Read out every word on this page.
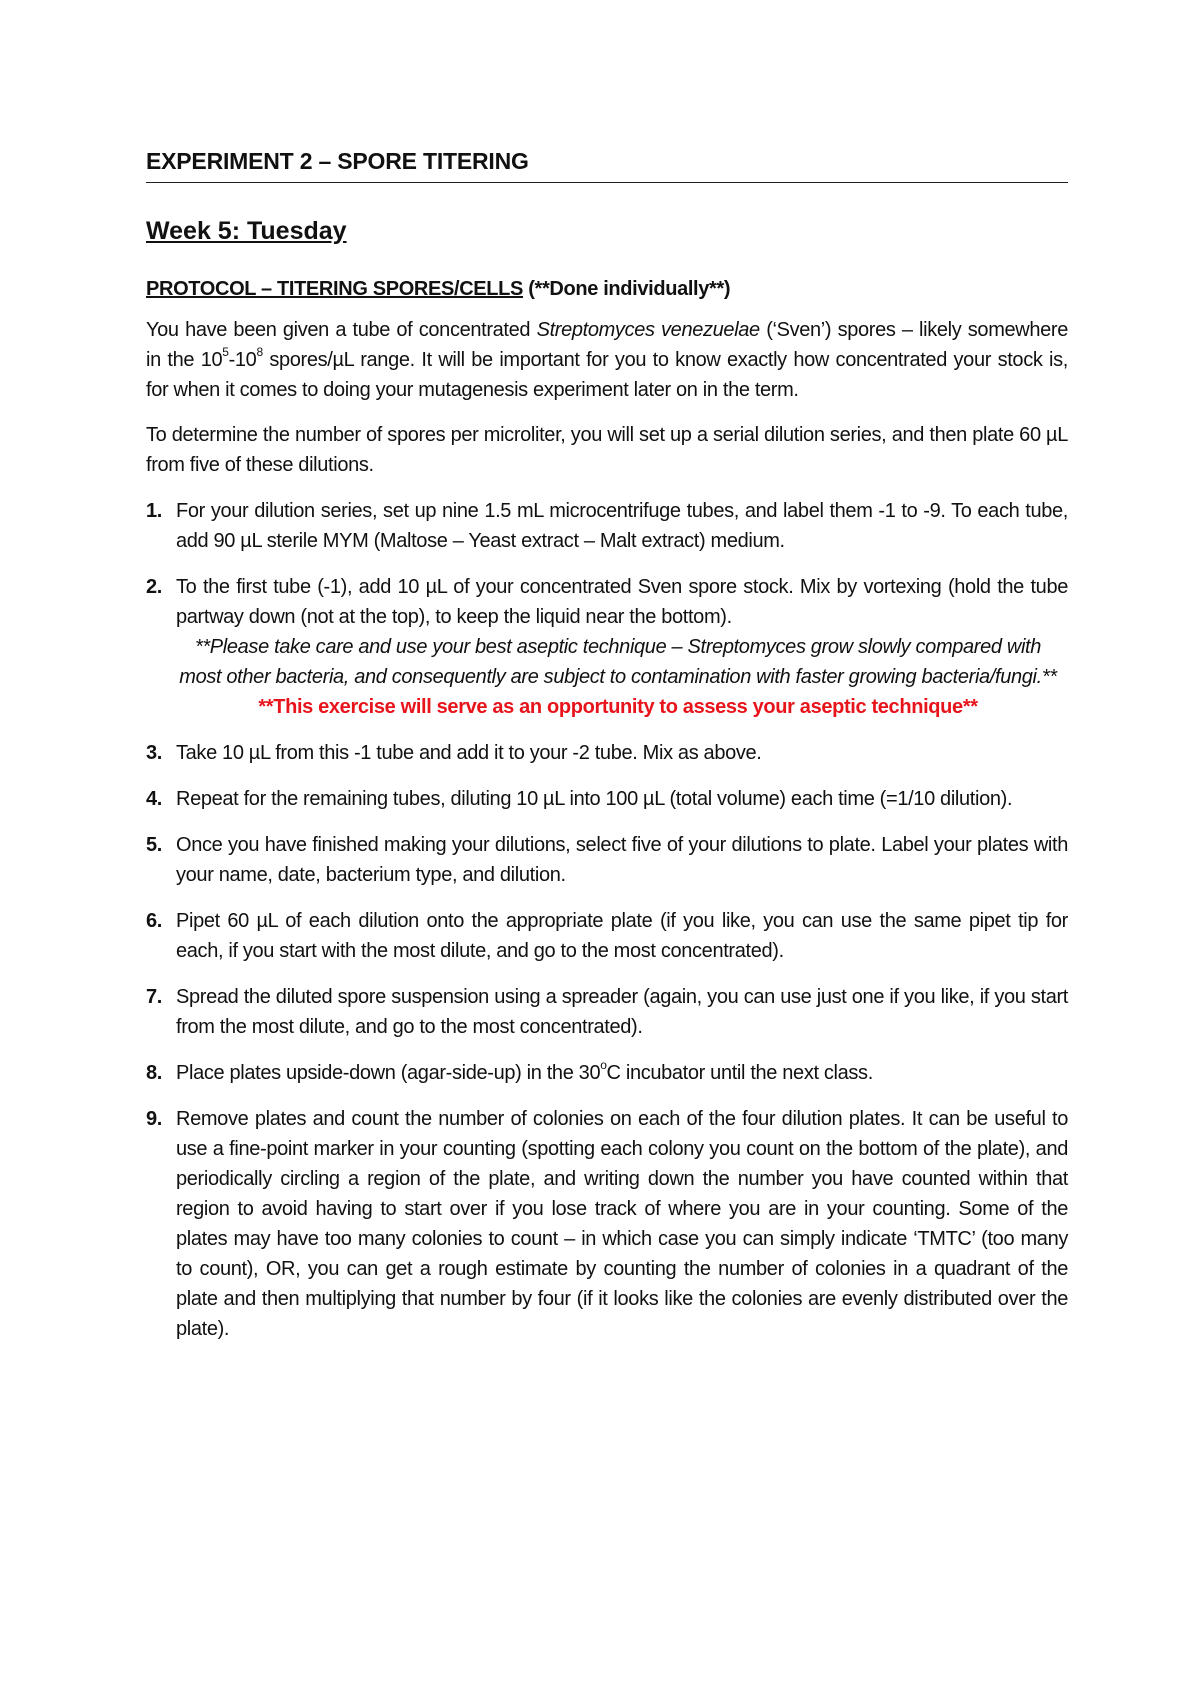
EXPERIMENT 2 – SPORE TITERING
Week 5: Tuesday
PROTOCOL – TITERING SPORES/CELLS (**Done individually**)

You have been given a tube of concentrated Streptomyces venezuelae (‘Sven’) spores – likely somewhere in the $10^5-10^8$ spores/µL range. It will be important for you to know exactly how concentrated your stock is, for when it comes to doing your mutagenesis experiment later on in the term.

To determine the number of spores per microliter, you will set up a serial dilution series, and then plate 60 µL from five of these dilutions.

1. For your dilution series, set up nine 1.5 mL microcentrifuge tubes, and label them -1 to -9. To each tube, add 90 µL sterile MYM (Maltose – Yeast extract – Malt extract) medium.
2. To the first tube (-1), add 10 µL of your concentrated Sven spore stock. Mix by vortexing (hold the tube partway down (not at the top), to keep the liquid near the bottom).
**Please take care and use your best aseptic technique – Streptomyces grow slowly compared with most other bacteria, and consequently are subject to contamination with faster growing bacteria/fungi.**
**This exercise will serve as an opportunity to assess your aseptic technique**
3. Take 10 µL from this -1 tube and add it to your -2 tube. Mix as above.
4. Repeat for the remaining tubes, diluting 10 µL into 100 µL (total volume) each time (=1/10 dilution).
5. Once you have finished making your dilutions, select five of your dilutions to plate. Label your plates with your name, date, bacterium type, and dilution.
6. Pipet 60 µL of each dilution onto the appropriate plate (if you like, you can use the same pipet tip for each, if you start with the most dilute, and go to the most concentrated).
7. Spread the diluted spore suspension using a spreader (again, you can use just one if you like, if you start from the most dilute, and go to the most concentrated).
8. Place plates upside-down (agar-side-up) in the 30$^o$C incubator until the next class.
9. Remove plates and count the number of colonies on each of the four dilution plates. It can be useful to use a fine-point marker in your counting (spotting each colony you count on the bottom of the plate), and periodically circling a region of the plate, and writing down the number you have counted within that region to avoid having to start over if you lose track of where you are in your counting. Some of the plates may have too many colonies to count – in which case you can simply indicate ‘TMTC’ (too many to count), OR, you can get a rough estimate by counting the number of colonies in a quadrant of the plate and then multiplying that number by four (if it looks like the colonies are evenly distributed over the plate).
